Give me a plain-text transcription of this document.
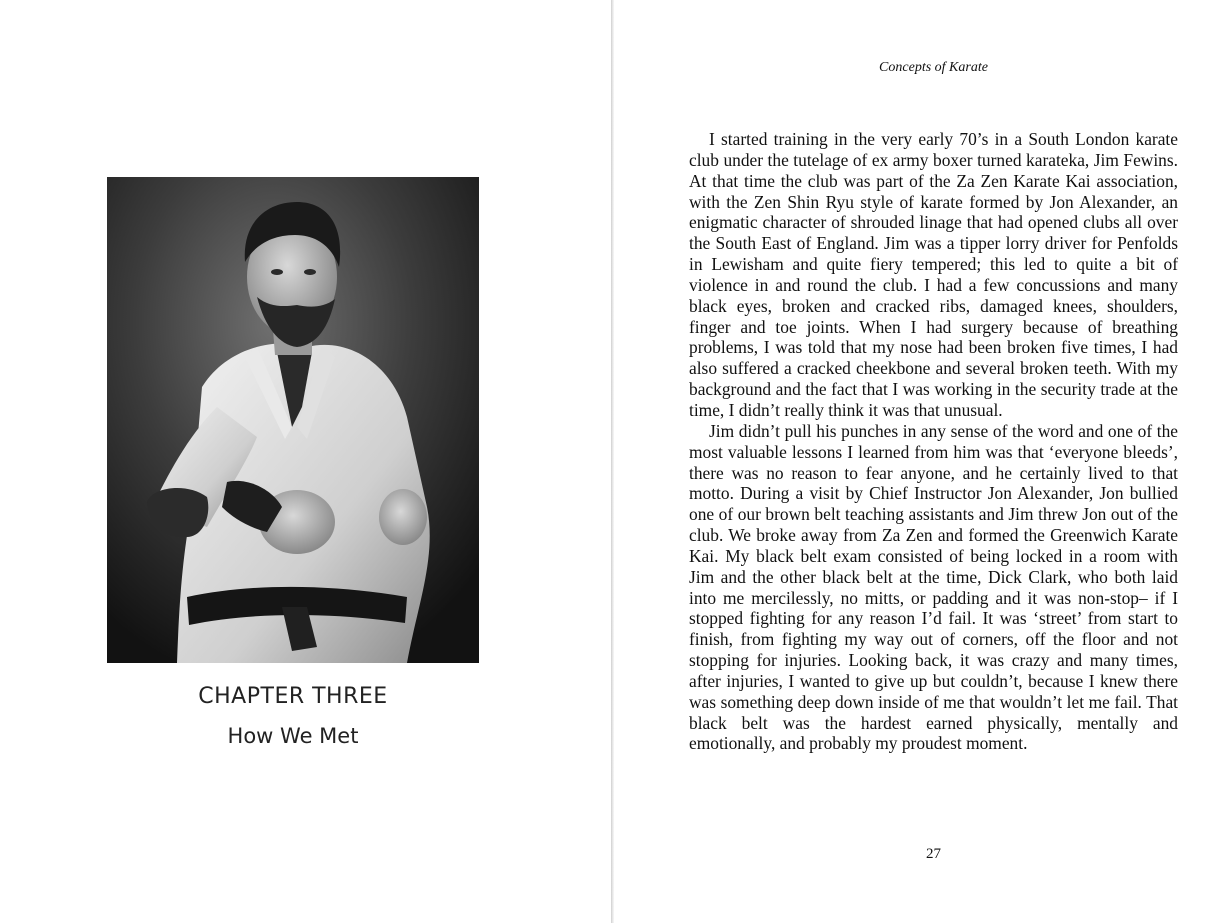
CHAPTER THREE
How We Met
Concepts of Karate

I started training in the very early 70’s in a South London karate club under the tutelage of ex army boxer turned karateka, Jim Fewins. At that time the club was part of the Za Zen Karate Kai association, with the Zen Shin Ryu style of karate formed by Jon Alexander, an enigmatic character of shrouded linage that had opened clubs all over the South East of England. Jim was a tipper lorry driver for Penfolds in Lewisham and quite fiery tempered; this led to quite a bit of violence in and round the club. I had a few concussions and many black eyes, broken and cracked ribs, damaged knees, shoulders, finger and toe joints. When I had surgery because of breathing problems, I was told that my nose had been broken five times, I had also suffered a cracked cheekbone and several broken teeth. With my background and the fact that I was working in the security trade at the time, I didn’t really think it was that unusual.

Jim didn’t pull his punches in any sense of the word and one of the most valuable lessons I learned from him was that ‘everyone bleeds’, there was no reason to fear anyone, and he certainly lived to that motto. During a visit by Chief Instructor Jon Alexander, Jon bullied one of our brown belt teaching assistants and Jim threw Jon out of the club. We broke away from Za Zen and formed the Greenwich Karate Kai. My black belt exam consisted of being locked in a room with Jim and the other black belt at the time, Dick Clark, who both laid into me mercilessly, no mitts, or padding and it was non-stop– if I stopped fighting for any reason I’d fail. It was ‘street’ from start to finish, from fighting my way out of corners, off the floor and not stopping for injuries. Looking back, it was crazy and many times, after injuries, I wanted to give up but couldn’t, because I knew there was something deep down inside of me that wouldn’t let me fail. That black belt was the hardest earned physically, mentally and emotionally, and probably my proudest moment.

27
